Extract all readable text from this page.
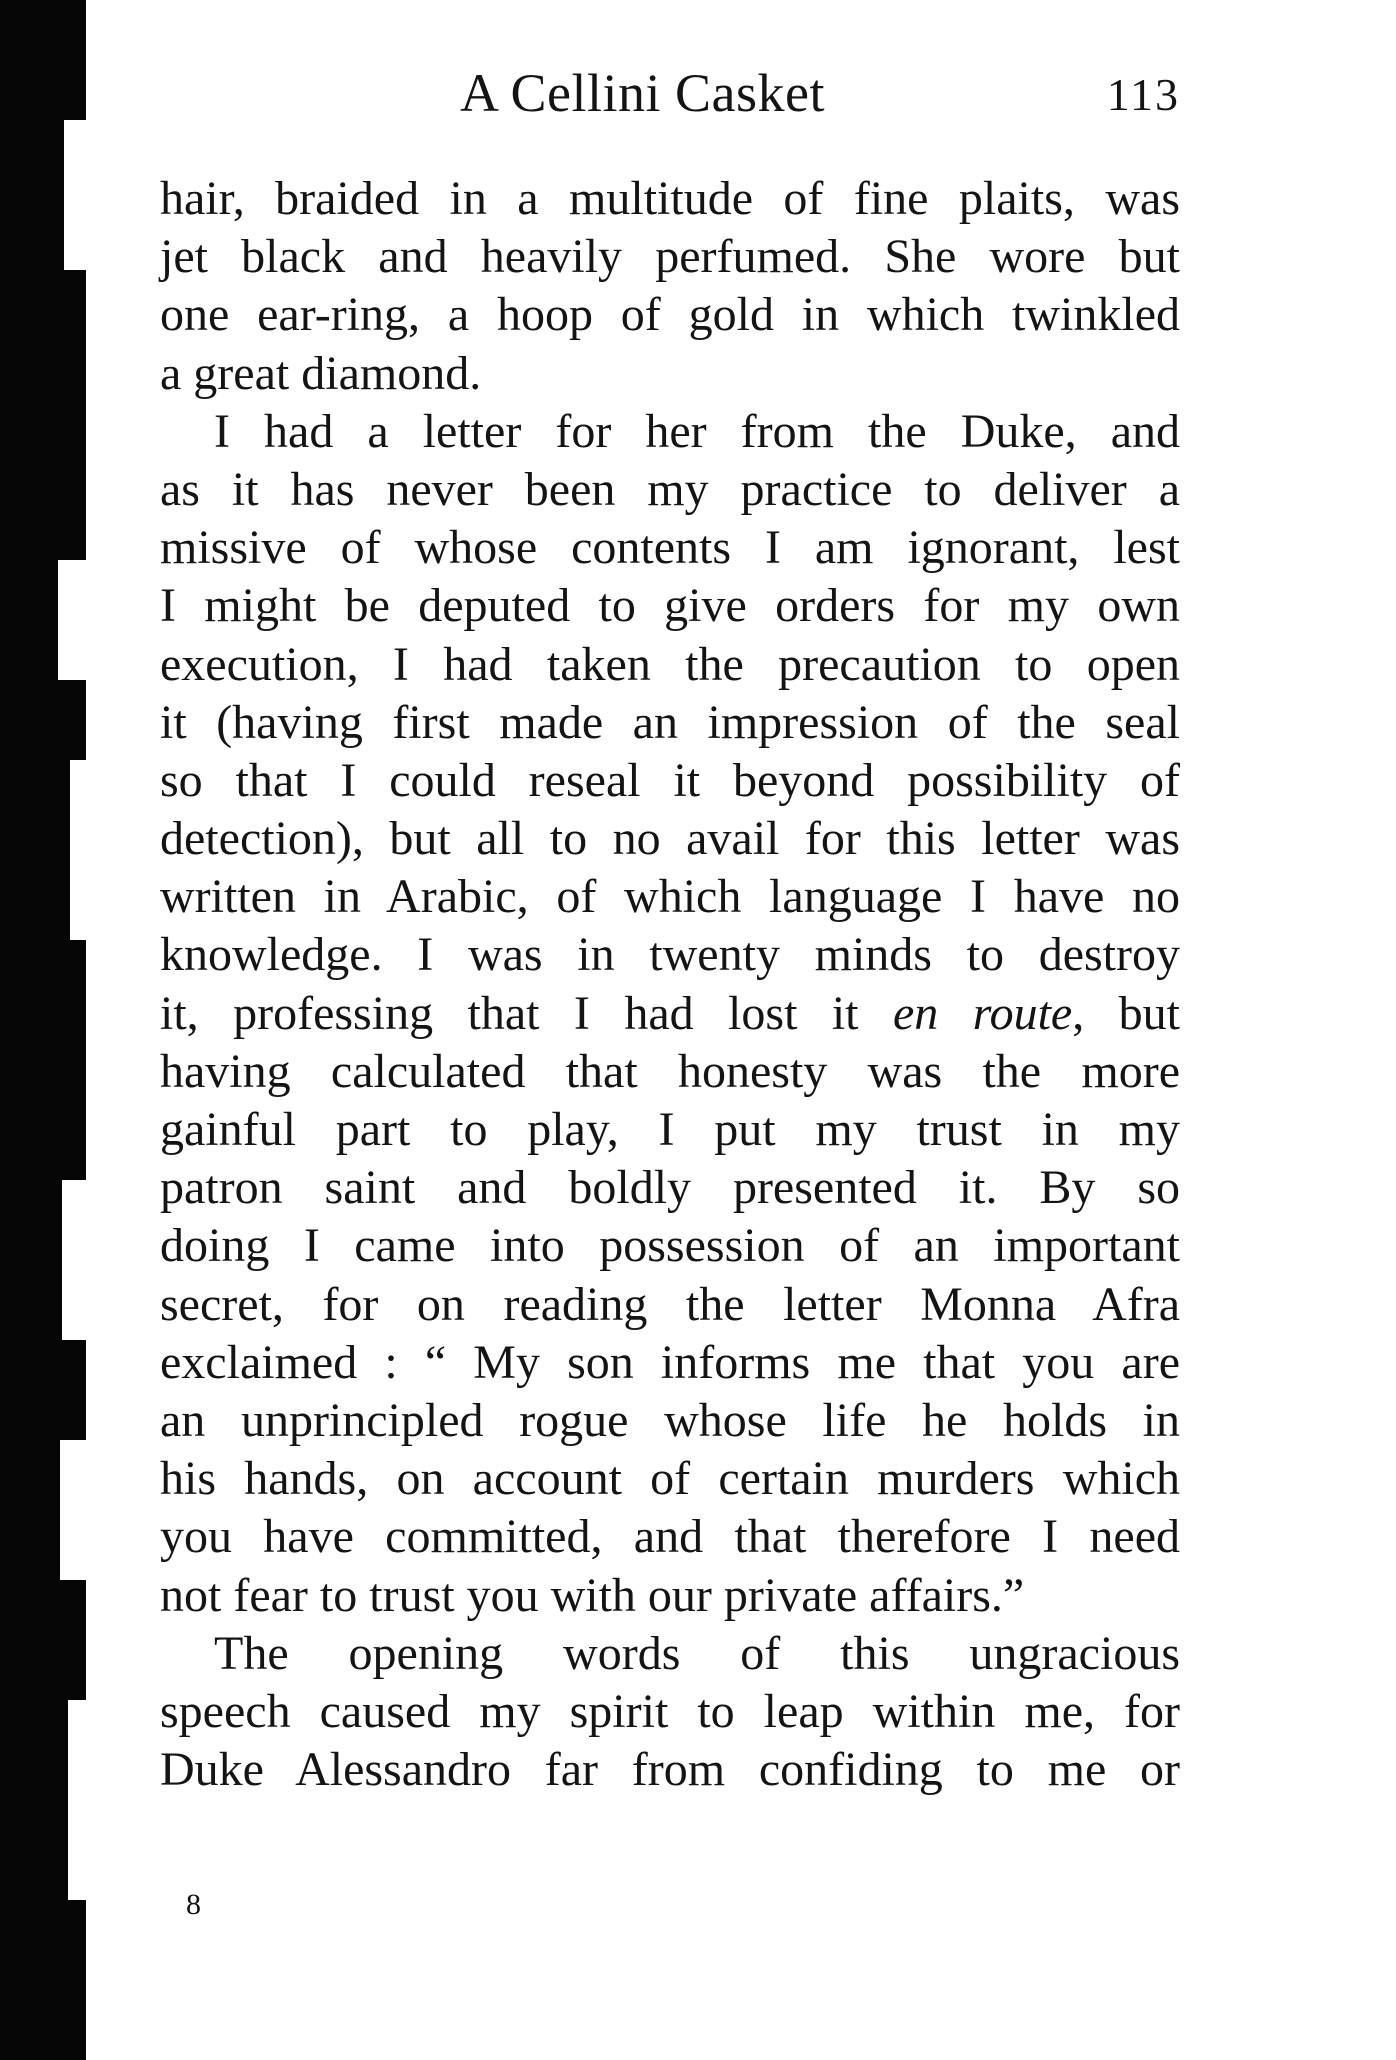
A Cellini Casket	113
hair, braided in a multitude of fine plaits, was
jet black and heavily perfumed. She wore but
one ear-ring, a hoop of gold in which twinkled
a great diamond.
I had a letter for her from the Duke, and
as it has never been my practice to deliver a
missive of whose contents I am ignorant, lest
I might be deputed to give orders for my own
execution, I had taken the precaution to open
it (having first made an impression of the seal
so that I could reseal it beyond possibility of
detection), but all to no avail for this letter was
written in Arabic, of which language I have no
knowledge. I was in twenty minds to destroy
it, professing that I had lost it en route, but
having calculated that honesty was the more
gainful part to play, I put my trust in my
patron saint and boldly presented it. By so
doing I came into possession of an important
secret, for on reading the letter Monna Afra
exclaimed : “ My son informs me that you are
an unprincipled rogue whose life he holds in
his hands, on account of certain murders which
you have committed, and that therefore I need
not fear to trust you with our private affairs.”
The opening words of this ungracious
speech caused my spirit to leap within me, for
Duke Alessandro far from confiding to me or
8
